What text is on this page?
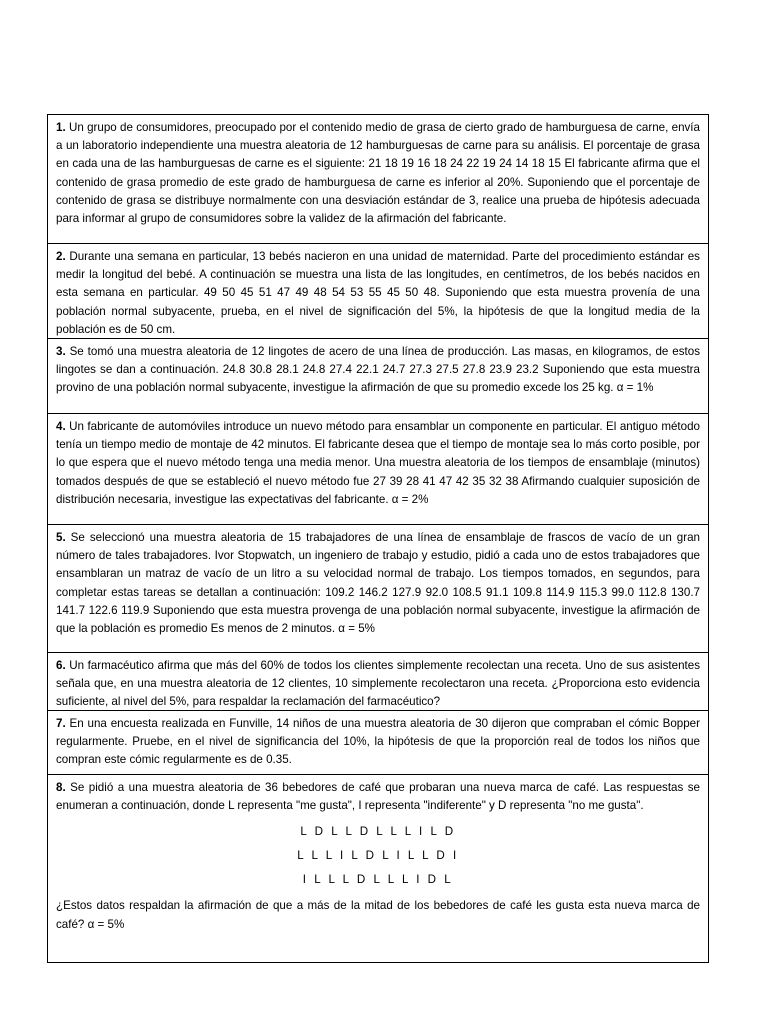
1. Un grupo de consumidores, preocupado por el contenido medio de grasa de cierto grado de hamburguesa de carne, envía a un laboratorio independiente una muestra aleatoria de 12 hamburguesas de carne para su análisis. El porcentaje de grasa en cada una de las hamburguesas de carne es el siguiente: 21 18 19 16 18 24 22 19 24 14 18 15 El fabricante afirma que el contenido de grasa promedio de este grado de hamburguesa de carne es inferior al 20%. Suponiendo que el porcentaje de contenido de grasa se distribuye normalmente con una desviación estándar de 3, realice una prueba de hipótesis adecuada para informar al grupo de consumidores sobre la validez de la afirmación del fabricante.
2. Durante una semana en particular, 13 bebés nacieron en una unidad de maternidad. Parte del procedimiento estándar es medir la longitud del bebé. A continuación se muestra una lista de las longitudes, en centímetros, de los bebés nacidos en esta semana en particular. 49 50 45 51 47 49 48 54 53 55 45 50 48. Suponiendo que esta muestra provenía de una población normal subyacente, prueba, en el nivel de significación del 5%, la hipótesis de que la longitud media de la población es de 50 cm.
3. Se tomó una muestra aleatoria de 12 lingotes de acero de una línea de producción. Las masas, en kilogramos, de estos lingotes se dan a continuación. 24.8 30.8 28.1 24.8 27.4 22.1 24.7 27.3 27.5 27.8 23.9 23.2 Suponiendo que esta muestra provino de una población normal subyacente, investigue la afirmación de que su promedio excede los 25 kg. α = 1%
4. Un fabricante de automóviles introduce un nuevo método para ensamblar un componente en particular. El antiguo método tenía un tiempo medio de montaje de 42 minutos. El fabricante desea que el tiempo de montaje sea lo más corto posible, por lo que espera que el nuevo método tenga una media menor. Una muestra aleatoria de los tiempos de ensamblaje (minutos) tomados después de que se estableció el nuevo método fue 27 39 28 41 47 42 35 32 38 Afirmando cualquier suposición de distribución necesaria, investigue las expectativas del fabricante. α = 2%
5. Se seleccionó una muestra aleatoria de 15 trabajadores de una línea de ensamblaje de frascos de vacío de un gran número de tales trabajadores. Ivor Stopwatch, un ingeniero de trabajo y estudio, pidió a cada uno de estos trabajadores que ensamblaran un matraz de vacío de un litro a su velocidad normal de trabajo. Los tiempos tomados, en segundos, para completar estas tareas se detallan a continuación: 109.2 146.2 127.9 92.0 108.5 91.1 109.8 114.9 115.3 99.0 112.8 130.7 141.7 122.6 119.9 Suponiendo que esta muestra provenga de una población normal subyacente, investigue la afirmación de que la población es promedio Es menos de 2 minutos. α = 5%
6. Un farmacéutico afirma que más del 60% de todos los clientes simplemente recolectan una receta. Uno de sus asistentes señala que, en una muestra aleatoria de 12 clientes, 10 simplemente recolectaron una receta. ¿Proporciona esto evidencia suficiente, al nivel del 5%, para respaldar la reclamación del farmacéutico?
7. En una encuesta realizada en Funville, 14 niños de una muestra aleatoria de 30 dijeron que compraban el cómic Bopper regularmente. Pruebe, en el nivel de significancia del 10%, la hipótesis de que la proporción real de todos los niños que compran este cómic regularmente es de 0.35.
8. Se pidió a una muestra aleatoria de 36 bebedores de café que probaran una nueva marca de café. Las respuestas se enumeran a continuación, donde L representa "me gusta", I representa "indiferente" y D representa "no me gusta".
L D L L D L L L I L D
L L L I L D L I L L D I
I L L L D L L L I D L
¿Estos datos respaldan la afirmación de que a más de la mitad de los bebedores de café les gusta esta nueva marca de café? α = 5%
